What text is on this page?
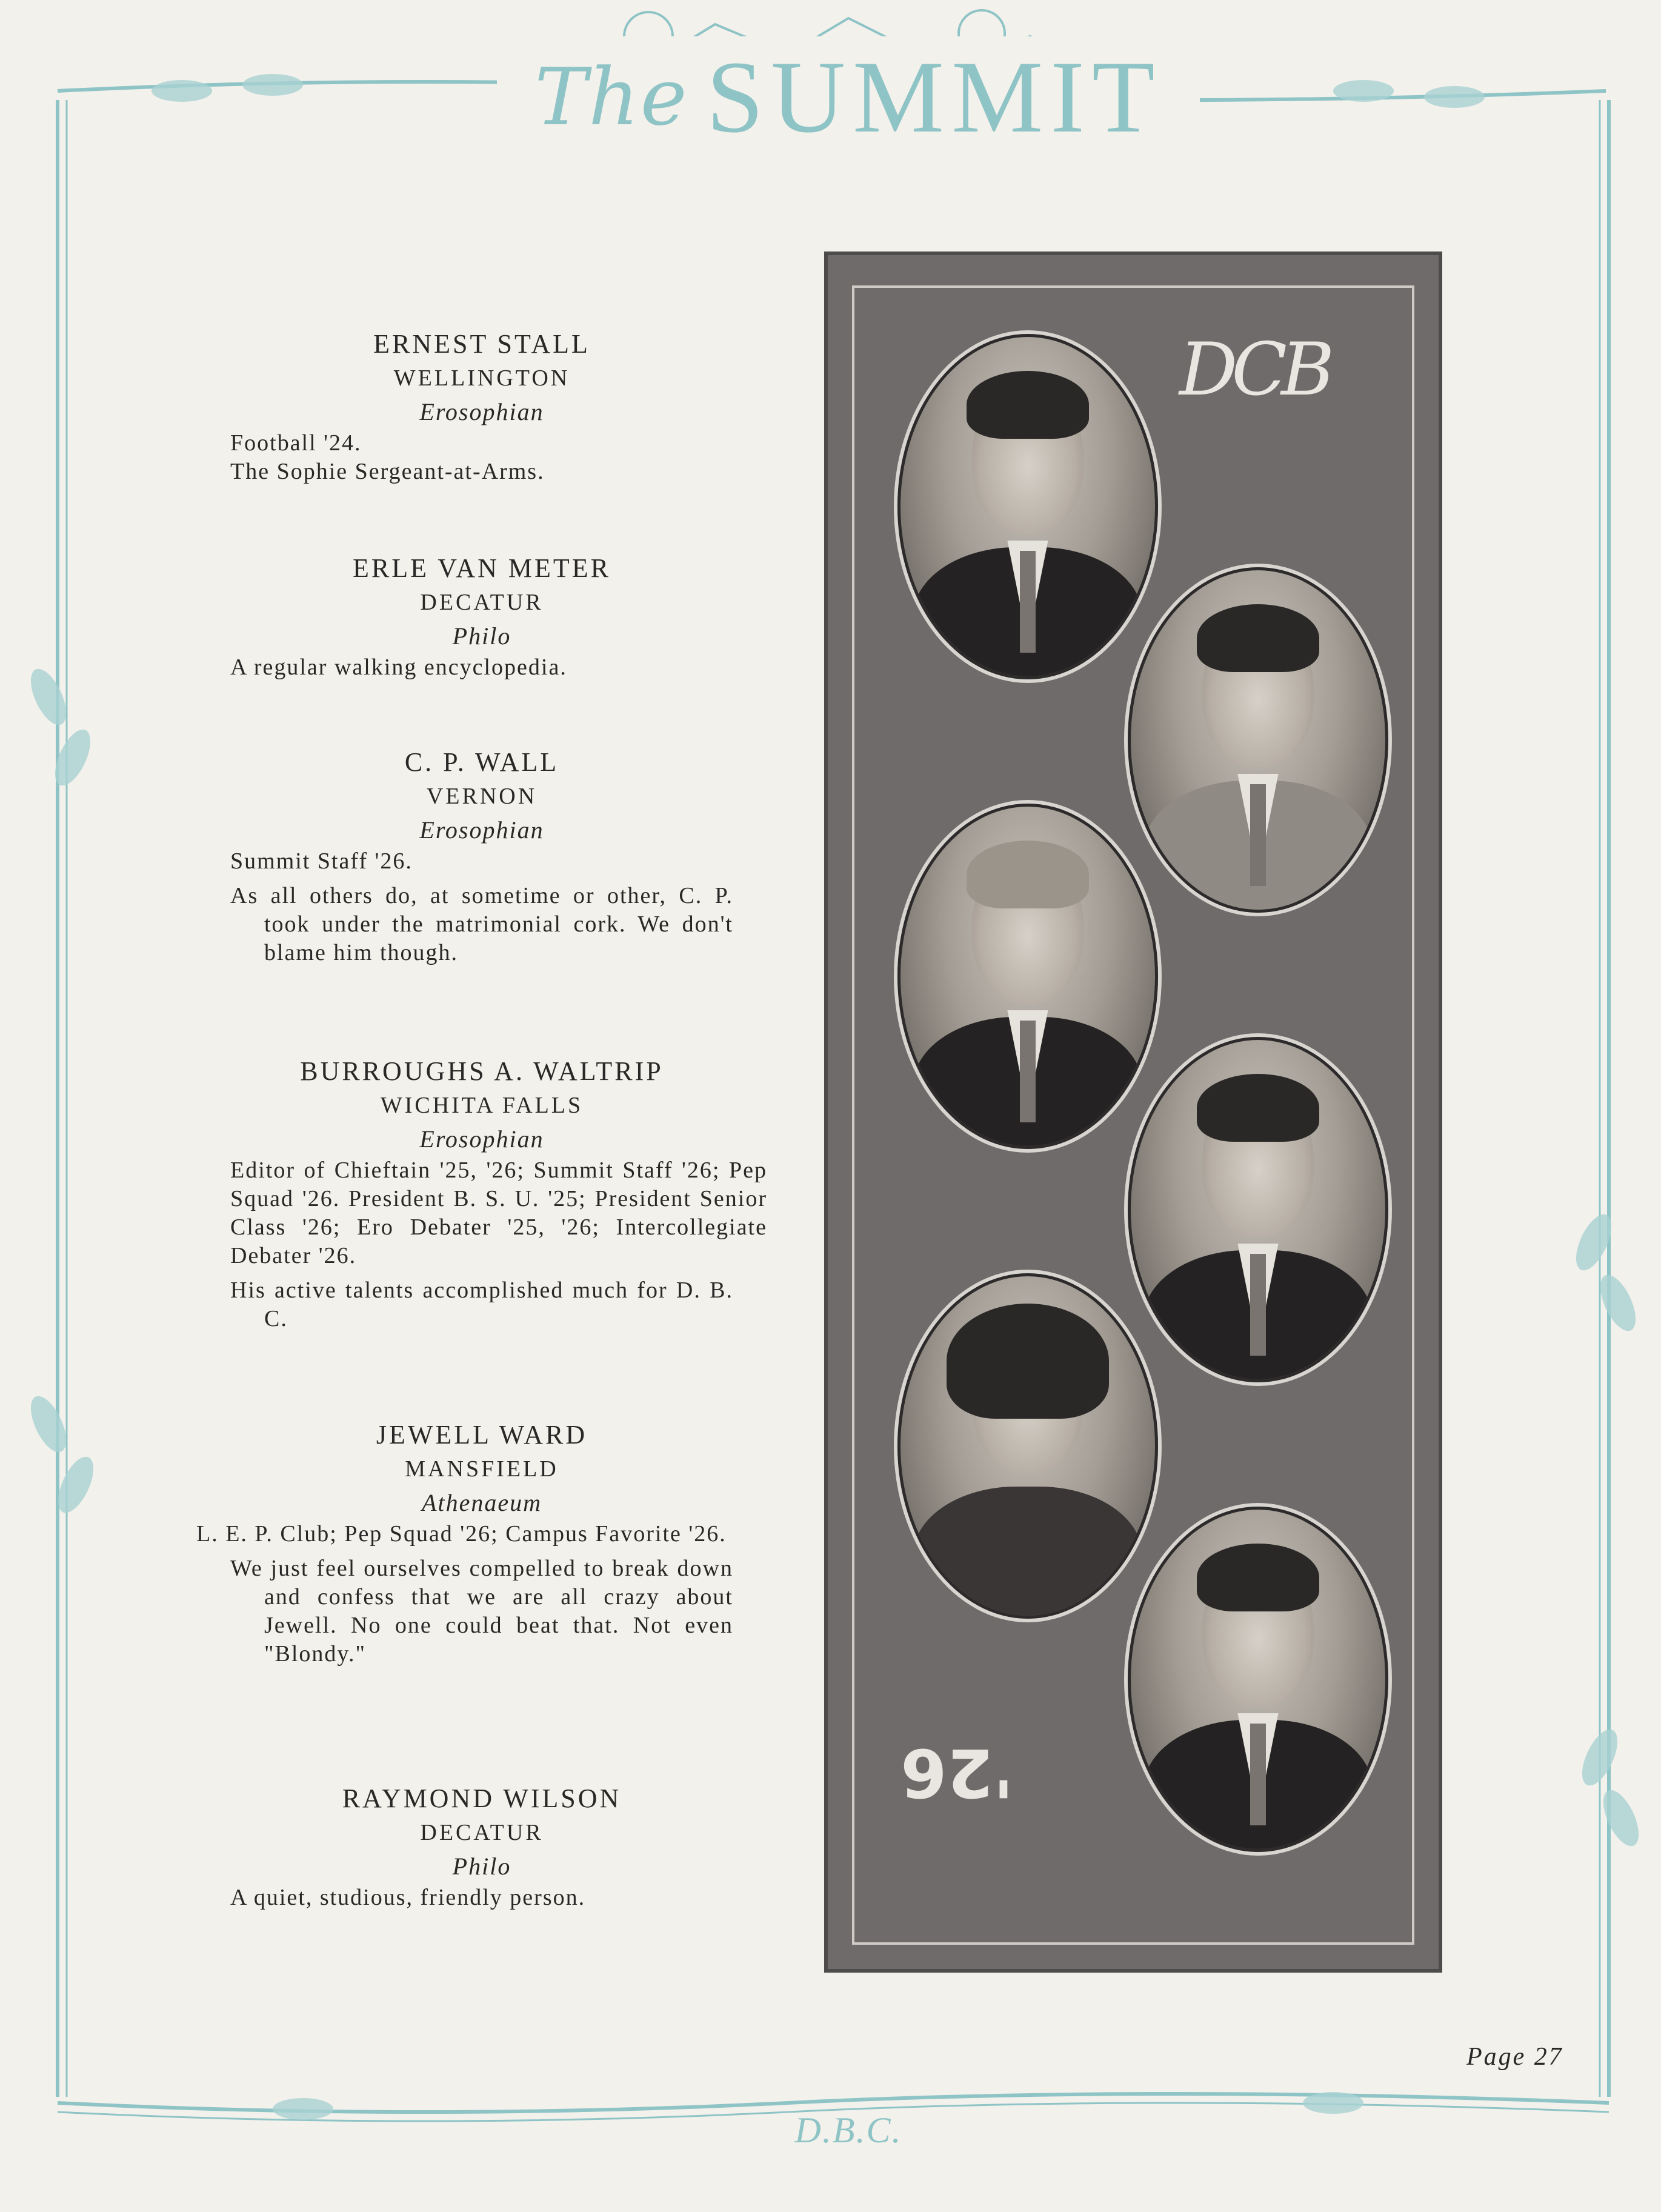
The SUMMIT
ERNEST STALL
WELLINGTON
Erosophian
Football '24.
The Sophie Sergeant-at-Arms.
ERLE VAN METER
DECATUR
Philo
A regular walking encyclopedia.
C. P. WALL
VERNON
Erosophian
Summit Staff '26.
As all others do, at sometime or other, C. P. took under the matrimonial cork. We don't blame him though.
BURROUGHS A. WALTRIP
WICHITA FALLS
Erosophian
Editor of Chieftain '25, '26; Summit Staff '26; Pep Squad '26. President B. S. U. '25; President Senior Class '26; Ero Debater '25, '26; Intercollegiate Debater '26.
His active talents accomplished much for D. B. C.
JEWELL WARD
MANSFIELD
Athenaeum
L. E. P. Club; Pep Squad '26; Campus Favorite '26.
We just feel ourselves compelled to break down and confess that we are all crazy about Jewell. No one could beat that. Not even "Blondy."
RAYMOND WILSON
DECATUR
Philo
A quiet, studious, friendly person.
DCB
'26
Page 27
D.B.C.
